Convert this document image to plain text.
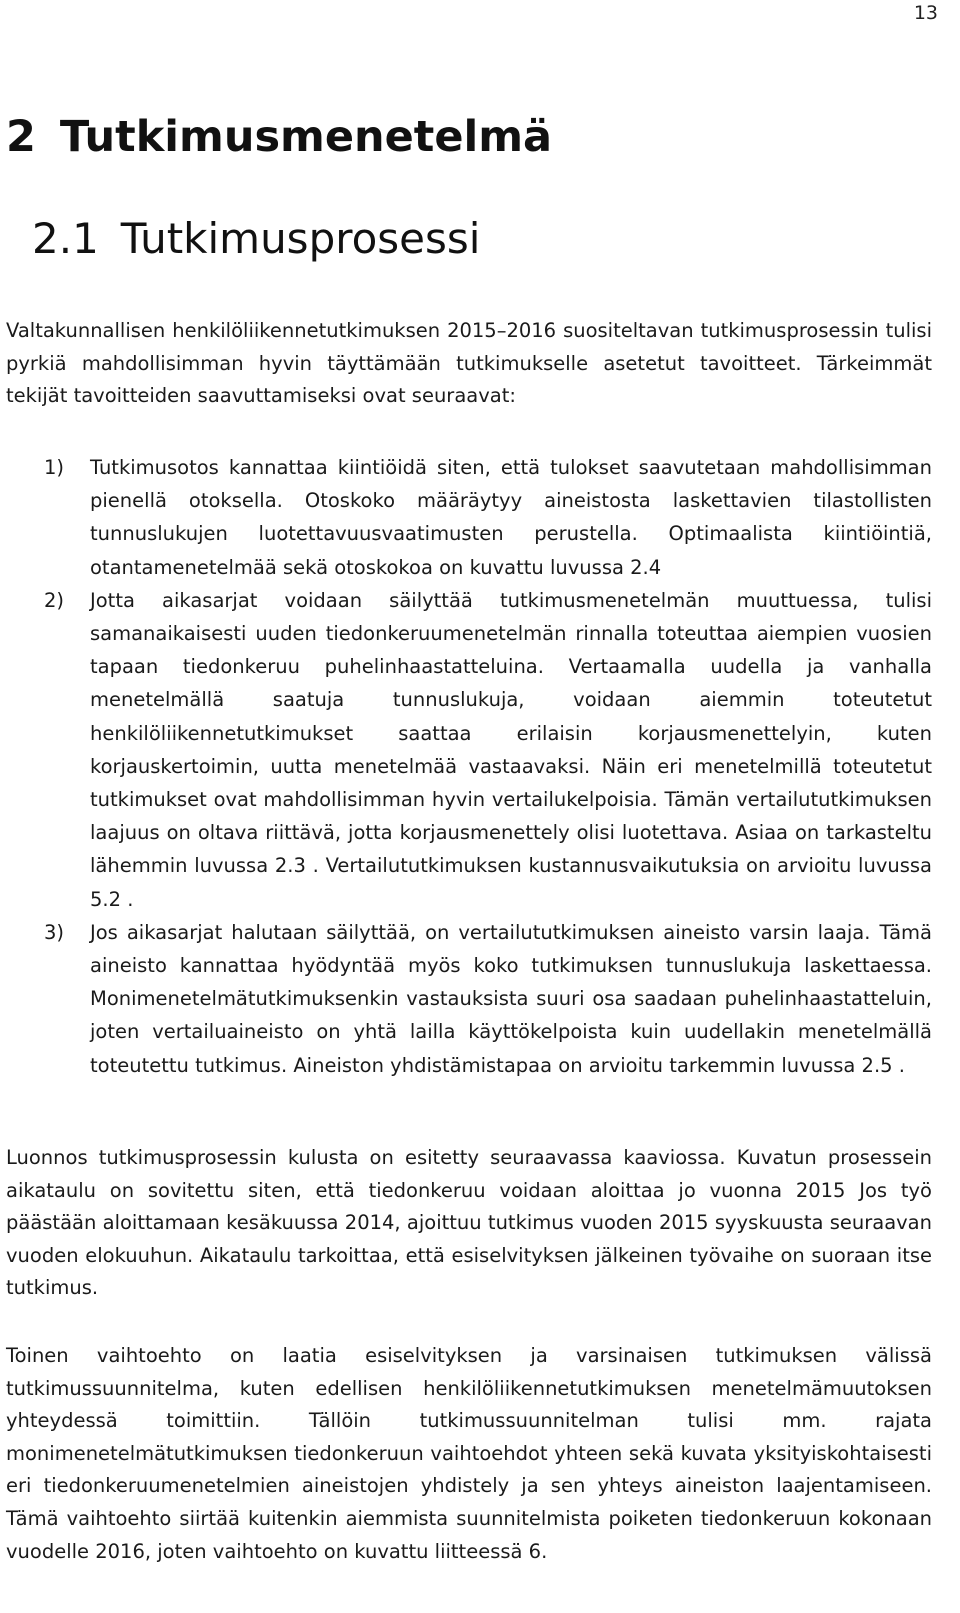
13
2 Tutkimusmenetelmä
2.1 Tutkimusprosessi

Valtakunnallisen henkilöliikennetutkimuksen 2015–2016 suositeltavan tutkimusprosessin tulisi pyrkiä mahdollisimman hyvin täyttämään tutkimukselle asetetut tavoitteet. Tärkeimmät tekijät tavoitteiden saavuttamiseksi ovat seuraavat:

1) Tutkimusotos kannattaa kiintiöidä siten, että tulokset saavutetaan mahdollisimman pienellä otoksella. Otoskoko määräytyy aineistosta laskettavien tilastollisten tunnuslukujen luotettavuusvaatimusten perustella. Optimaalista kiintiöintiä, otantamenetelmää sekä otoskokoa on kuvattu luvussa 2.4
2) Jotta aikasarjat voidaan säilyttää tutkimusmenetelmän muuttuessa, tulisi samanaikaisesti uuden tiedonkeruumenetelmän rinnalla toteuttaa aiempien vuosien tapaan tiedonkeruu puhelinhaastatteluina. Vertaamalla uudella ja vanhalla menetelmällä saatuja tunnuslukuja, voidaan aiemmin toteutetut henkilöliikennetutkimukset saattaa erilaisin korjausmenettelyin, kuten korjauskertoimin, uutta menetelmää vastaavaksi. Näin eri menetelmillä toteutetut tutkimukset ovat mahdollisimman hyvin vertailukelpoisia. Tämän vertailututkimuksen laajuus on oltava riittävä, jotta korjausmenettely olisi luotettava. Asiaa on tarkasteltu lähemmin luvussa 2.3 . Vertailututkimuksen kustannusvaikutuksia on arvioitu luvussa 5.2 .
3) Jos aikasarjat halutaan säilyttää, on vertailututkimuksen aineisto varsin laaja. Tämä aineisto kannattaa hyödyntää myös koko tutkimuksen tunnuslukuja laskettaessa. Monimenetelmätutkimuksenkin vastauksista suuri osa saadaan puhelinhaastatteluin, joten vertailuaineisto on yhtä lailla käyttökelpoista kuin uudellakin menetelmällä toteutettu tutkimus. Aineiston yhdistämistapaa on arvioitu tarkemmin luvussa 2.5 .

Luonnos tutkimusprosessin kulusta on esitetty seuraavassa kaaviossa. Kuvatun prosessein aikataulu on sovitettu siten, että tiedonkeruu voidaan aloittaa jo vuonna 2015 Jos työ päästään aloittamaan kesäkuussa 2014, ajoittuu tutkimus vuoden 2015 syyskuusta seuraavan vuoden elokuuhun. Aikataulu tarkoittaa, että esiselvityksen jälkeinen työvaihe on suoraan itse tutkimus.

Toinen vaihtoehto on laatia esiselvityksen ja varsinaisen tutkimuksen välissä tutkimussuunnitelma, kuten edellisen henkilöliikennetutkimuksen menetelmämuutoksen yhteydessä toimittiin. Tällöin tutkimussuunnitelman tulisi mm. rajata monimenetelmätutkimuksen tiedonkeruun vaihtoehdot yhteen sekä kuvata yksityiskohtaisesti eri tiedonkeruumenetelmien aineistojen yhdistely ja sen yhteys aineiston laajentamiseen. Tämä vaihtoehto siirtää kuitenkin aiemmista suunnitelmista poiketen tiedonkeruun kokonaan vuodelle 2016, joten vaihtoehto on kuvattu liitteessä 6.
